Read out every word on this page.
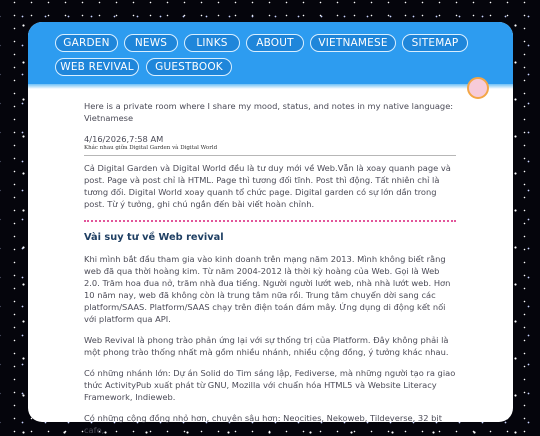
GARDEN	NEWS	LINKS	ABOUT	VIETNAMESE	SITEMAP
WEB REVIVAL	GUESTBOOK

Here is a private room where I share my mood, status, and notes in my native language: Vietnamese

4/16/2026,7:58 AM
Khác nhau giữa Digital Garden và Digital World

Cả Digital Garden và Digital World đều là tư duy mới về Web.Vẫn là xoay quanh page và post. Page và post chỉ là HTML. Page thì tương đối tĩnh. Post thì động. Tất nhiên chỉ là tương đối. Digital World xoay quanh tổ chức page. Digital garden có sự lớn dần trong post. Từ ý tưởng, ghi chú ngắn đến bài viết hoàn chỉnh.

Vài suy tư về Web revival

Khi mình bắt đầu tham gia vào kinh doanh trên mạng năm 2013. Mình không biết rằng web đã qua thời hoàng kim. Từ năm 2004-2012 là thời kỳ hoàng của Web. Gọi là Web 2.0. Trăm hoa đua nở, trăm nhà đua tiếng. Người người lướt web, nhà nhà lướt web. Hơn 10 năm nay, web đã không còn là trung tâm nữa rồi. Trung tâm chuyển dời sang các platform/SAAS. Platform/SAAS chạy trên điện toán đám mây. Ứng dụng di động kết nối với platform qua API.

Web Revival là phong trào phản ứng lại với sự thống trị của Platform. Đây không phải là một phong trào thống nhất mà gồm nhiều nhánh, nhiều cộng đồng, ý tưởng khác nhau.

Có những nhánh lớn: Dự án Solid do Tim sáng lập, Fediverse, mà những người tạo ra giao thức ActivityPub xuất phát từ GNU, Mozilla với chuẩn hóa HTML5 và Website Literacy Framework, Indieweb.

Có những cộng đồng nhỏ hơn, chuyên sâu hơn: Neocities, Nekoweb, Tildeverse, 32 bit cafe,
